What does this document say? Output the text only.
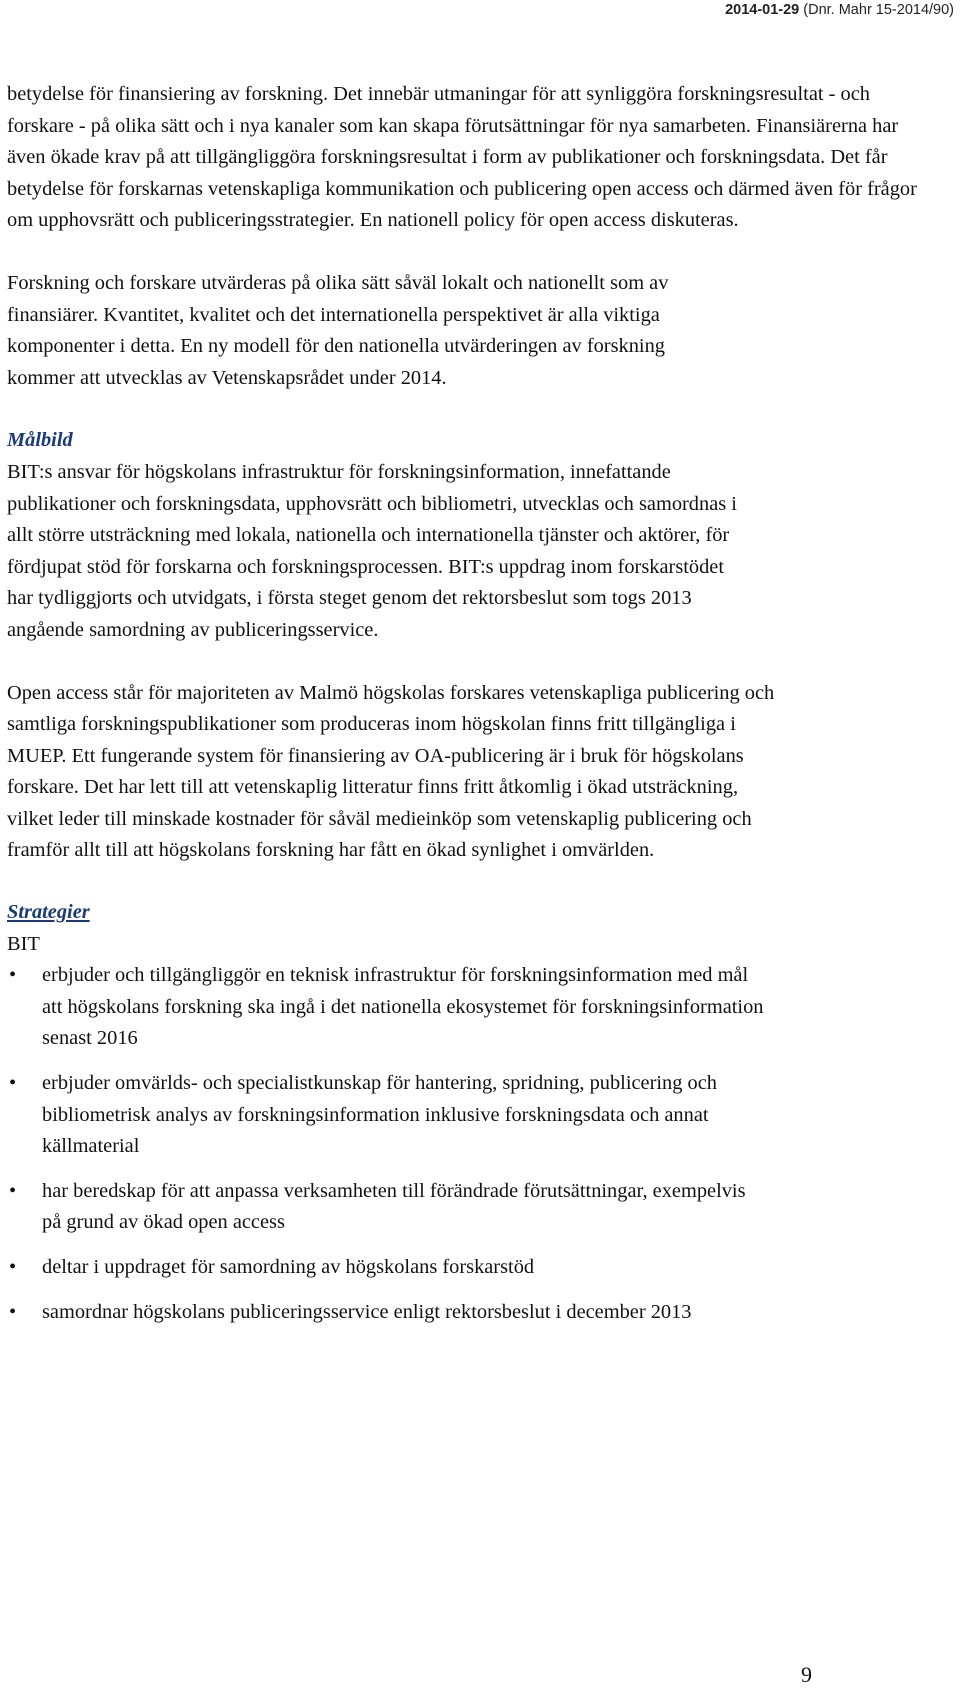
2014-01-29 (Dnr. Mahr 15-2014/90)

betydelse för finansiering av forskning. Det innebär utmaningar för att synliggöra forskningsresultat - och forskare - på olika sätt och i nya kanaler som kan skapa förutsättningar för nya samarbeten. Finansiärerna har även ökade krav på att tillgängliggöra forskningsresultat i form av publikationer och forskningsdata. Det får betydelse för forskarnas vetenskapliga kommunikation och publicering open access och därmed även för frågor om upphovsrätt och publiceringsstrategier. En nationell policy för open access diskuteras.

Forskning och forskare utvärderas på olika sätt såväl lokalt och nationellt som av finansiärer. Kvantitet, kvalitet och det internationella perspektivet är alla viktiga komponenter i detta. En ny modell för den nationella utvärderingen av forskning kommer att utvecklas av Vetenskapsrådet under 2014.

Målbild

BIT:s ansvar för högskolans infrastruktur för forskningsinformation, innefattande publikationer och forskningsdata, upphovsrätt och bibliometri, utvecklas och samordnas i allt större utsträckning med lokala, nationella och internationella tjänster och aktörer, för fördjupat stöd för forskarna och forskningsprocessen. BIT:s uppdrag inom forskarstödet har tydliggjorts och utvidgats, i första steget genom det rektorsbeslut som togs 2013 angående samordning av publiceringsservice.

Open access står för majoriteten av Malmö högskolas forskares vetenskapliga publicering och samtliga forskningspublikationer som produceras inom högskolan finns fritt tillgängliga i MUEP. Ett fungerande system för finansiering av OA-publicering är i bruk för högskolans forskare. Det har lett till att vetenskaplig litteratur finns fritt åtkomlig i ökad utsträckning, vilket leder till minskade kostnader för såväl medieinköp som vetenskaplig publicering och framför allt till att högskolans forskning har fått en ökad synlighet i omvärlden.

Strategier

BIT

• erbjuder och tillgängliggör en teknisk infrastruktur för forskningsinformation med mål att högskolans forskning ska ingå i det nationella ekosystemet för forskningsinformation senast 2016
• erbjuder omvärlds- och specialistkunskap för hantering, spridning, publicering och bibliometrisk analys av forskningsinformation inklusive forskningsdata och annat källmaterial
• har beredskap för att anpassa verksamheten till förändrade förutsättningar, exempelvis på grund av ökad open access
• deltar i uppdraget för samordning av högskolans forskarstöd
• samordnar högskolans publiceringsservice enligt rektorsbeslut i december 2013
9
